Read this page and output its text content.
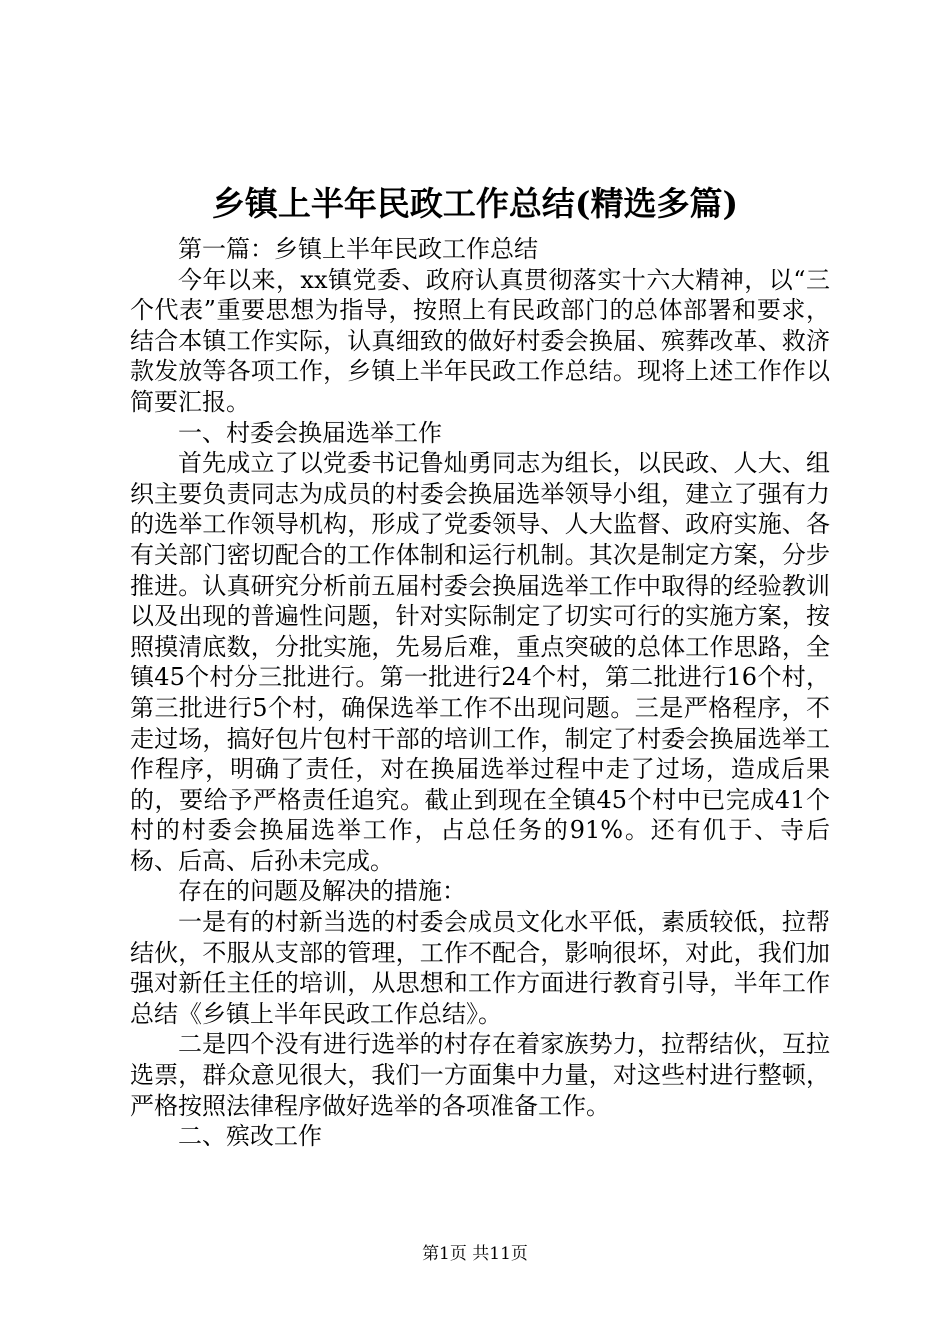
乡镇上半年民政工作总结(精选多篇)

第一篇：乡镇上半年民政工作总结

今年以来，xx镇党委、政府认真贯彻落实十六大精神，以“三个代表”重要思想为指导，按照上有民政部门的总体部署和要求，结合本镇工作实际，认真细致的做好村委会换届、殡葬改革、救济款发放等各项工作，乡镇上半年民政工作总结。现将上述工作作以简要汇报。

一、村委会换届选举工作

首先成立了以党委书记鲁灿勇同志为组长，以民政、人大、组织主要负责同志为成员的村委会换届选举领导小组，建立了强有力的选举工作领导机构，形成了党委领导、人大监督、政府实施、各有关部门密切配合的工作体制和运行机制。其次是制定方案，分步推进。认真研究分析前五届村委会换届选举工作中取得的经验教训以及出现的普遍性问题，针对实际制定了切实可行的实施方案，按照摸清底数，分批实施，先易后难，重点突破的总体工作思路，全镇45个村分三批进行。第一批进行24个村，第二批进行16个村，第三批进行5个村，确保选举工作不出现问题。三是严格程序，不走过场，搞好包片包村干部的培训工作，制定了村委会换届选举工作程序，明确了责任，对在换届选举过程中走了过场，造成后果的，要给予严格责任追究。截止到现在全镇45个村中已完成41个村的村委会换届选举工作，占总任务的91%。还有仉于、寺后杨、后高、后孙未完成。

存在的问题及解决的措施：

一是有的村新当选的村委会成员文化水平低，素质较低，拉帮结伙，不服从支部的管理，工作不配合，影响很坏，对此，我们加强对新任主任的培训，从思想和工作方面进行教育引导，半年工作总结《乡镇上半年民政工作总结》。

二是四个没有进行选举的村存在着家族势力，拉帮结伙，互拉选票，群众意见很大，我们一方面集中力量，对这些村进行整顿，严格按照法律程序做好选举的各项准备工作。

二、殡改工作

第1页 共11页
